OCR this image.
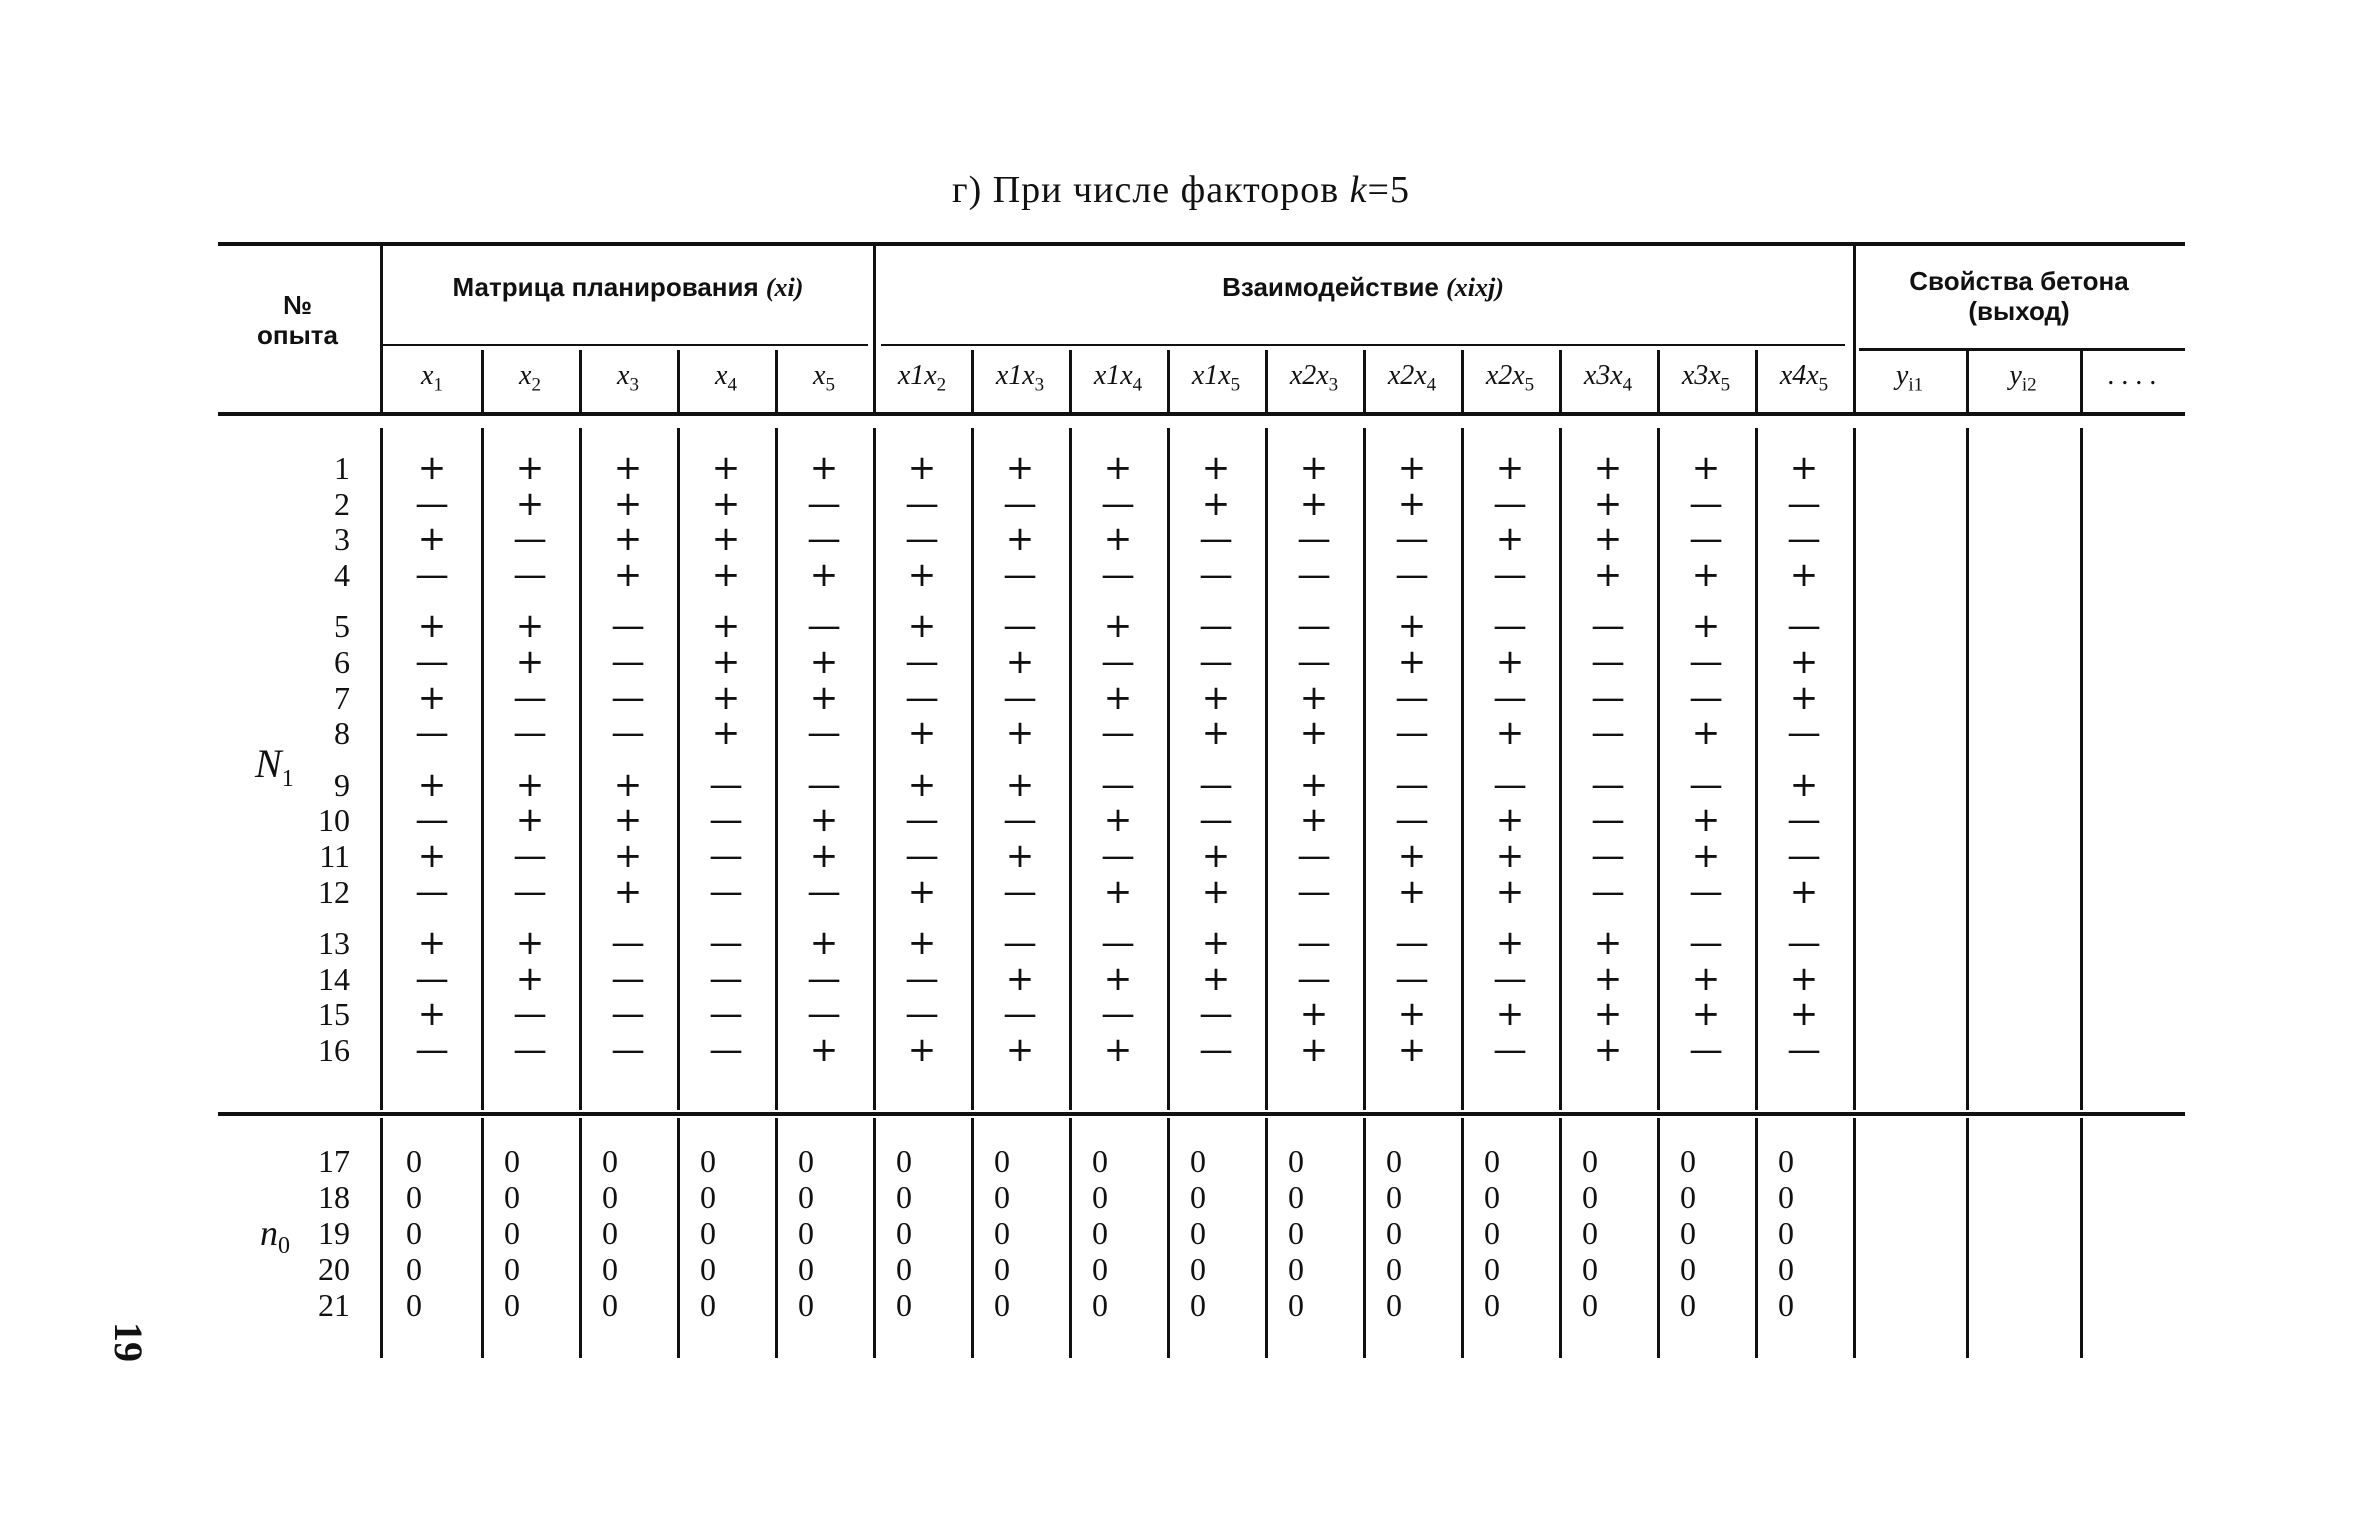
г) При числе факторов k=5
№
опыта
Матрица планирования (xi)	Взаимодействие (xixj)	Свойства бетона
(выход)
$x_1$	$x_2$	$x_3$	$x_4$	$x_5$	$x1x_2$	$x1x_3$	$x1x_4$	$x1x_5$	$x2x_3$	$x2x_4$	$x2x_5$	$x3x_4$	$x3x_5$	$x4x_5$	$y_{i1}$	$y_{i2}$	. . . .
$N_1$
$n_0$
1	+	+	+	+	+	+	+	+	+	+	+	+	+	+	+
2	—	+	+	+	—	—	—	—	+	+	+	—	+	—	—
3	+	—	+	+	—	—	+	+	—	—	—	+	+	—	—
4	—	—	+	+	+	+	—	—	—	—	—	—	+	+	+
5	+	+	—	+	—	+	—	+	—	—	+	—	—	+	—
6	—	+	—	+	+	—	+	—	—	—	+	+	—	—	+
7	+	—	—	+	+	—	—	+	+	+	—	—	—	—	+
8	—	—	—	+	—	+	+	—	+	+	—	+	—	+	—
9	+	+	+	—	—	+	+	—	—	+	—	—	—	—	+
10	—	+	+	—	+	—	—	+	—	+	—	+	—	+	—
11	+	—	+	—	+	—	+	—	+	—	+	+	—	+	—
12	—	—	+	—	—	+	—	+	+	—	+	+	—	—	+
13	+	+	—	—	+	+	—	—	+	—	—	+	+	—	—
14	—	+	—	—	—	—	+	+	+	—	—	—	+	+	+
15	+	—	—	—	—	—	—	—	—	+	+	+	+	+	+
16	—	—	—	—	+	+	+	+	—	+	+	—	+	—	—
17	0	0	0	0	0	0	0	0	0	0	0	0	0	0	0
18	0	0	0	0	0	0	0	0	0	0	0	0	0	0	0
19	0	0	0	0	0	0	0	0	0	0	0	0	0	0	0
20	0	0	0	0	0	0	0	0	0	0	0	0	0	0	0
21	0	0	0	0	0	0	0	0	0	0	0	0	0	0	0
19
